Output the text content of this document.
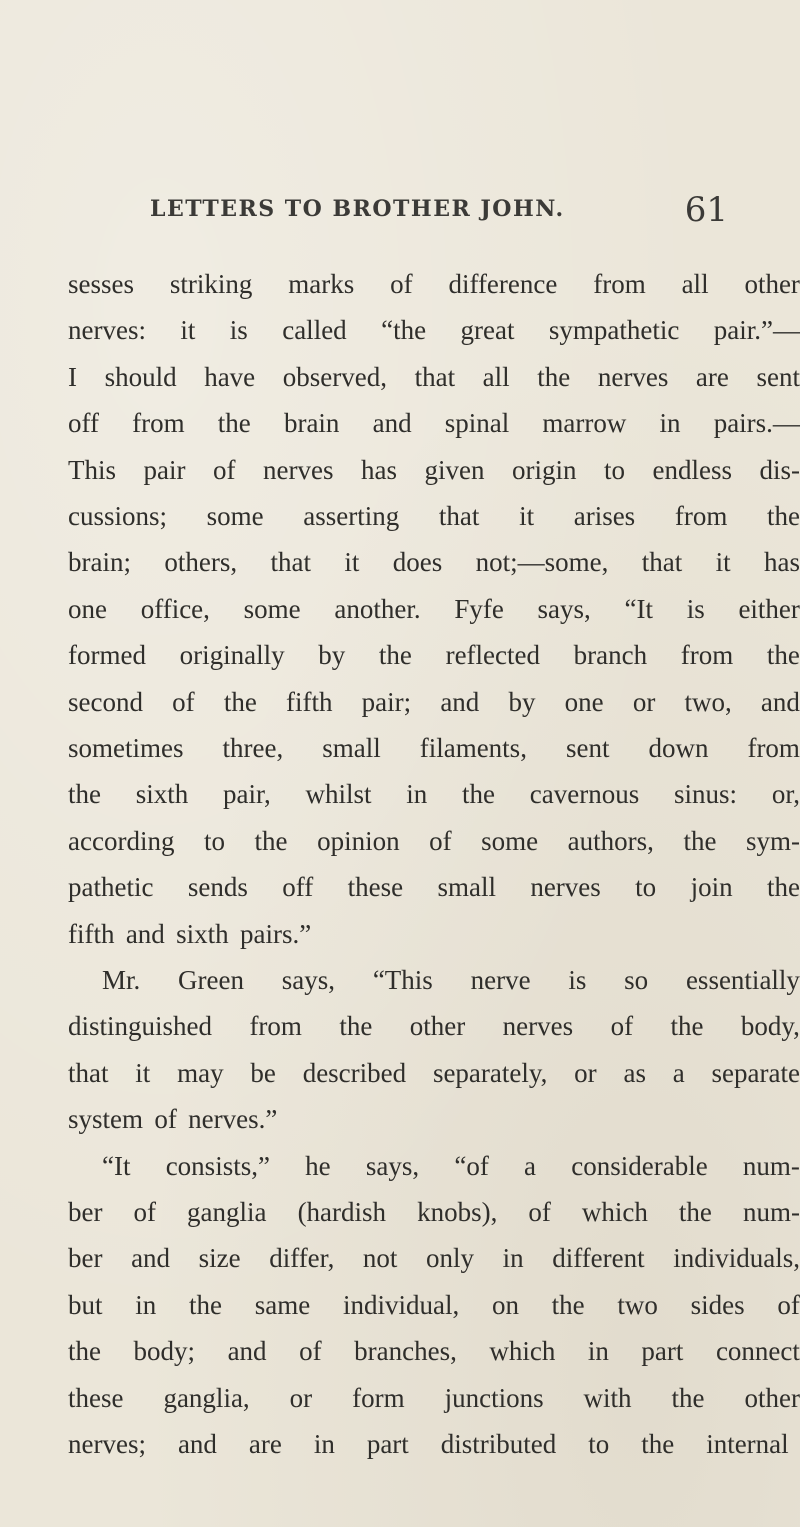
LETTERS TO BROTHER JOHN.	61
sesses striking marks of difference from all other
nerves: it is called “the great sympathetic pair.”—
I should have observed, that all the nerves are sent
off from the brain and spinal marrow in pairs.—
This pair of nerves has given origin to endless dis-
cussions; some asserting that it arises from the
brain; others, that it does not;—some, that it has
one office, some another. Fyfe says, “It is either
formed originally by the reflected branch from the
second of the fifth pair; and by one or two, and
sometimes three, small filaments, sent down from
the sixth pair, whilst in the cavernous sinus: or,
according to the opinion of some authors, the sym-
pathetic sends off these small nerves to join the
fifth and sixth pairs.”
Mr. Green says, “This nerve is so essentially
distinguished from the other nerves of the body,
that it may be described separately, or as a separate
system of nerves.”
“It consists,” he says, “of a considerable num-
ber of ganglia (hardish knobs), of which the num-
ber and size differ, not only in different individuals,
but in the same individual, on the two sides of
the body; and of branches, which in part connect
these ganglia, or form junctions with the other
nerves; and are in part distributed to the internal
